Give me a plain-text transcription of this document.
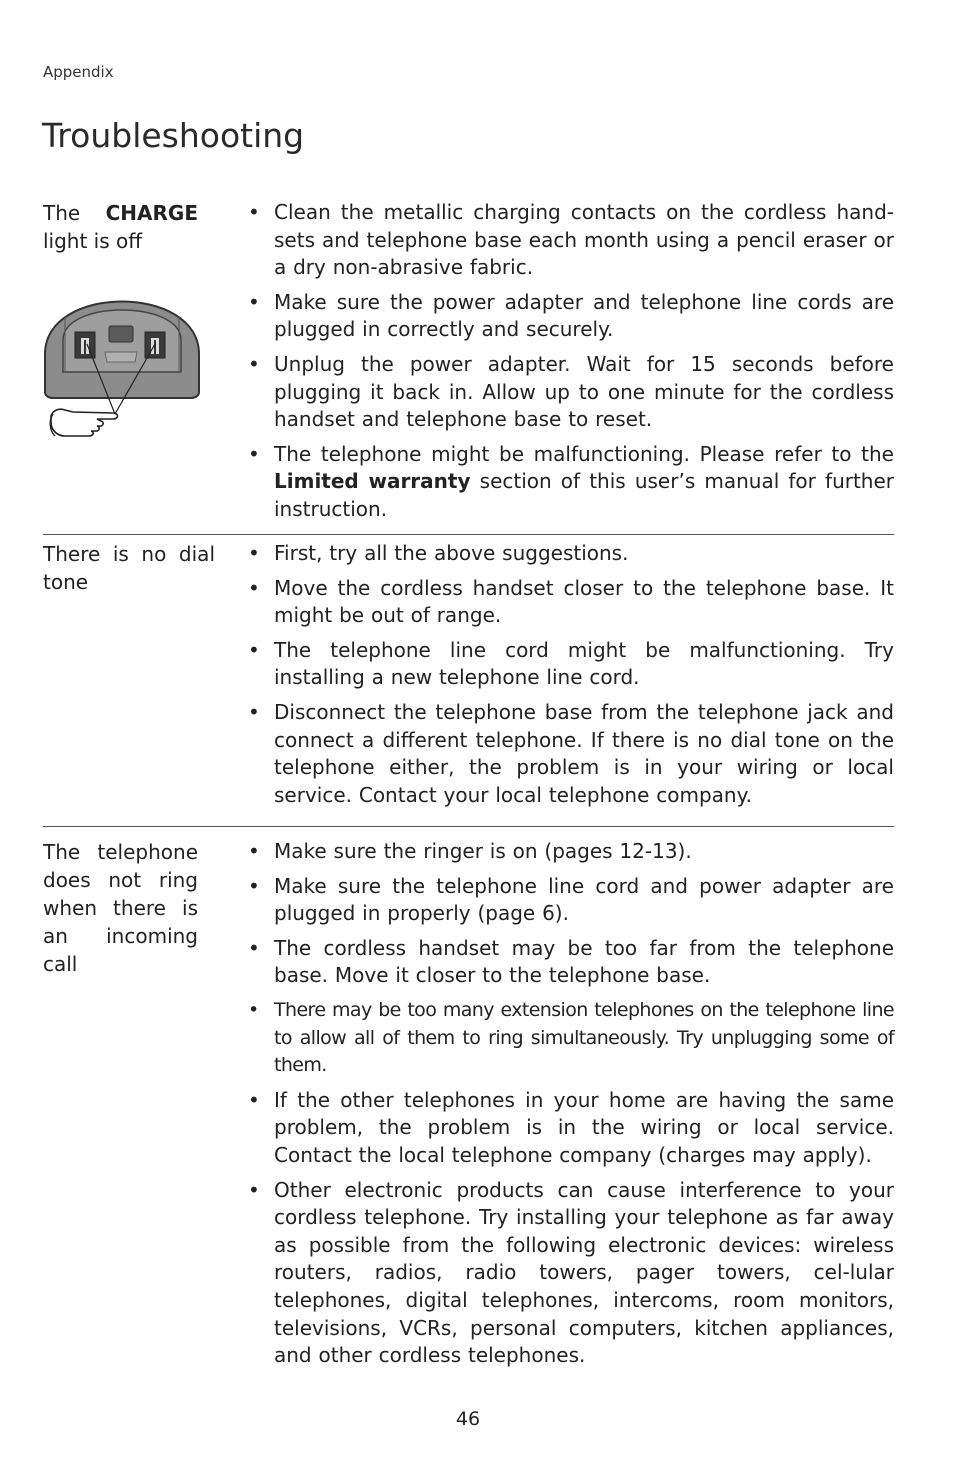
Appendix
Troubleshooting
The CHARGE light is off
• Clean the metallic charging contacts on the cordless hand-sets and telephone base each month using a pencil eraser or a dry non-abrasive fabric.
• Make sure the power adapter and telephone line cords are plugged in correctly and securely.
• Unplug the power adapter. Wait for 15 seconds before plugging it back in. Allow up to one minute for the cordless handset and telephone base to reset.
• The telephone might be malfunctioning. Please refer to the Limited warranty section of this user’s manual for further instruction.
There is no dial tone
• First, try all the above suggestions.
• Move the cordless handset closer to the telephone base. It might be out of range.
• The telephone line cord might be malfunctioning. Try installing a new telephone line cord.
• Disconnect the telephone base from the telephone jack and connect a different telephone. If there is no dial tone on the telephone either, the problem is in your wiring or local service. Contact your local telephone company.
The telephone does not ring when there is an incoming call
• Make sure the ringer is on (pages 12-13).
• Make sure the telephone line cord and power adapter are plugged in properly (page 6).
• The cordless handset may be too far from the telephone base. Move it closer to the telephone base.
• There may be too many extension telephones on the telephone line to allow all of them to ring simultaneously. Try unplugging some of them.
• If the other telephones in your home are having the same problem, the problem is in the wiring or local service. Contact the local telephone company (charges may apply).
• Other electronic products can cause interference to your cordless telephone. Try installing your telephone as far away as possible from the following electronic devices: wireless routers, radios, radio towers, pager towers, cel-lular telephones, digital telephones, intercoms, room monitors, televisions, VCRs, personal computers, kitchen appliances, and other cordless telephones.
46
